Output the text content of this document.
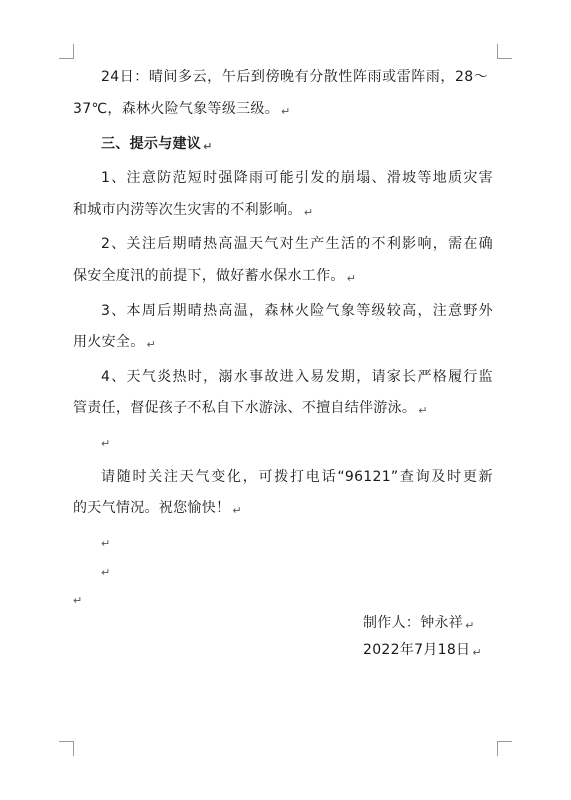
24日：晴间多云，午后到傍晚有分散性阵雨或雷阵雨，28～
37℃，森林火险气象等级三级。 ↵
三、提示与建议 ↵
1、注意防范短时强降雨可能引发的崩塌、滑坡等地质灾害
和城市内涝等次生灾害的不利影响。 ↵
2、关注后期晴热高温天气对生产生活的不利影响，需在确
保安全度汛的前提下，做好蓄水保水工作。 ↵
3、本周后期晴热高温，森林火险气象等级较高，注意野外
用火安全。 ↵
4、天气炎热时，溺水事故进入易发期，请家长严格履行监
管责任，督促孩子不私自下水游泳、不擅自结伴游泳。 ↵
↵
请随时关注天气变化，可拨打电话“96121”查询及时更新
的天气情况。祝您愉快！ ↵
↵
↵
↵
制作人：钟永祥 ↵
2022年7月18日 ↵
